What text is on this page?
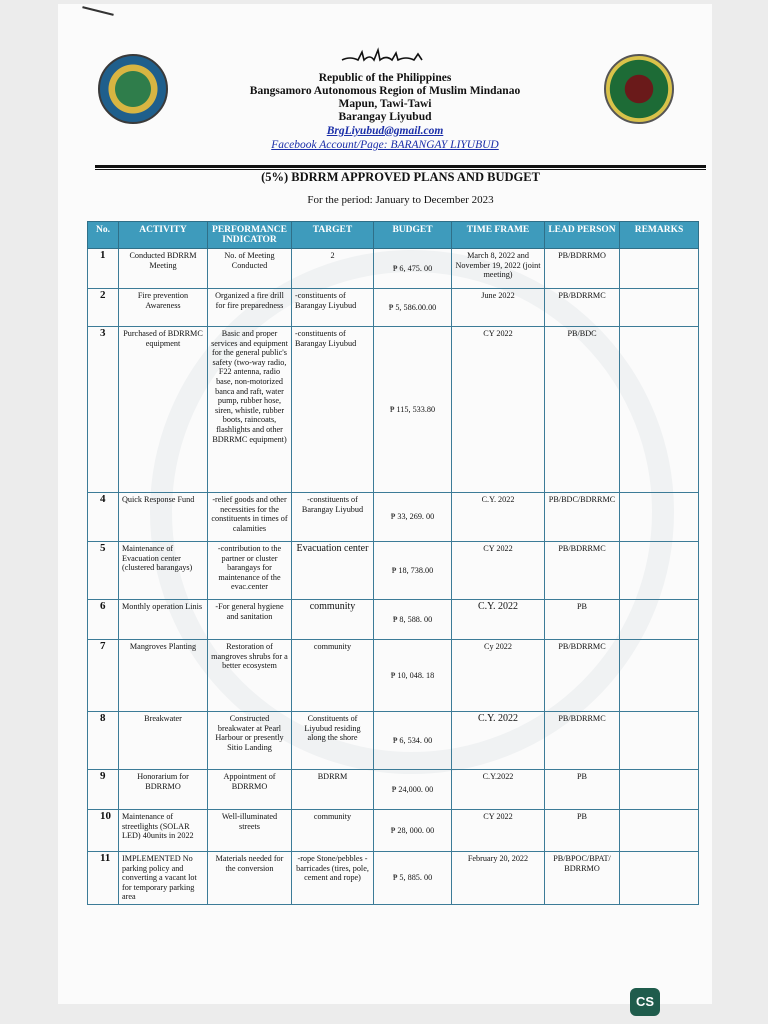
Republic of the Philippines
Bangsamoro Autonomous Region of Muslim Mindanao
Mapun, Tawi-Tawi
Barangay Liyubud
BrgLiyubud@gmail.com
Facebook Account/Page: BARANGAY LIYUBUD
(5%) BDRRM APPROVED PLANS AND BUDGET
For the period: January to December 2023
No.	ACTIVITY	PERFORMANCE INDICATOR	TARGET	BUDGET	TIME FRAME	LEAD PERSON	REMARKS
1	Conducted BDRRM Meeting	No. of Meeting Conducted	2	₱ 6, 475. 00	March 8, 2022 and November 19, 2022 (joint meeting)	PB/BDRRMO	
2	Fire prevention Awareness	Organized a fire drill for fire preparedness	-constituents of Barangay Liyubud	₱ 5, 586.00.00	June 2022	PB/BDRRMC	
3	Purchased of BDRRMC equipment	Basic and proper services and equipment for the general public's safety (two-way radio, F22 antenna, radio base, non-motorized banca and raft, water pump, rubber hose, siren, whistle, rubber boots, raincoats, flashlights and other BDRRMC equipment)	-constituents of Barangay Liyubud	₱ 115, 533.80	CY 2022	PB/BDC	
4	Quick Response Fund	-relief goods and other necessities for the constituents in times of calamities	-constituents of Barangay Liyubud	₱ 33, 269. 00	C.Y. 2022	PB/BDC/BDRRMC	
5	Maintenance of Evacuation center (clustered barangays)	-contribution to the partner or cluster barangays for maintenance of the evac.center	Evacuation center	₱ 18, 738.00	CY 2022	PB/BDRRMC	
6	Monthly operation Linis	-For general hygiene and sanitation	community	₱ 8, 588. 00	C.Y. 2022	PB	
7	Mangroves Planting	Restoration of mangroves shrubs for a better ecosystem	community	₱ 10, 048. 18	Cy 2022	PB/BDRRMC	
8	Breakwater	Constructed breakwater at Pearl Harbour or presently Sitio Landing	Constituents of Liyubud residing along the shore	₱ 6, 534. 00	C.Y. 2022	PB/BDRRMC	
9	Honorarium for BDRRMO	Appointment of BDRRMO	BDRRM	₱ 24,000. 00	C.Y.2022	PB	
10	Maintenance of streetlights (SOLAR LED) 40units in 2022	Well-illuminated streets	community	₱ 28, 000. 00	CY 2022	PB	
11	IMPLEMENTED No parking policy and converting a vacant lot for temporary parking area	Materials needed for the conversion	-rope Stone/pebbles -barricades (tires, pole, cement and rope)	₱ 5, 885. 00	February 20, 2022	PB/BPOC/BPAT/ BDRRMO	
CS
